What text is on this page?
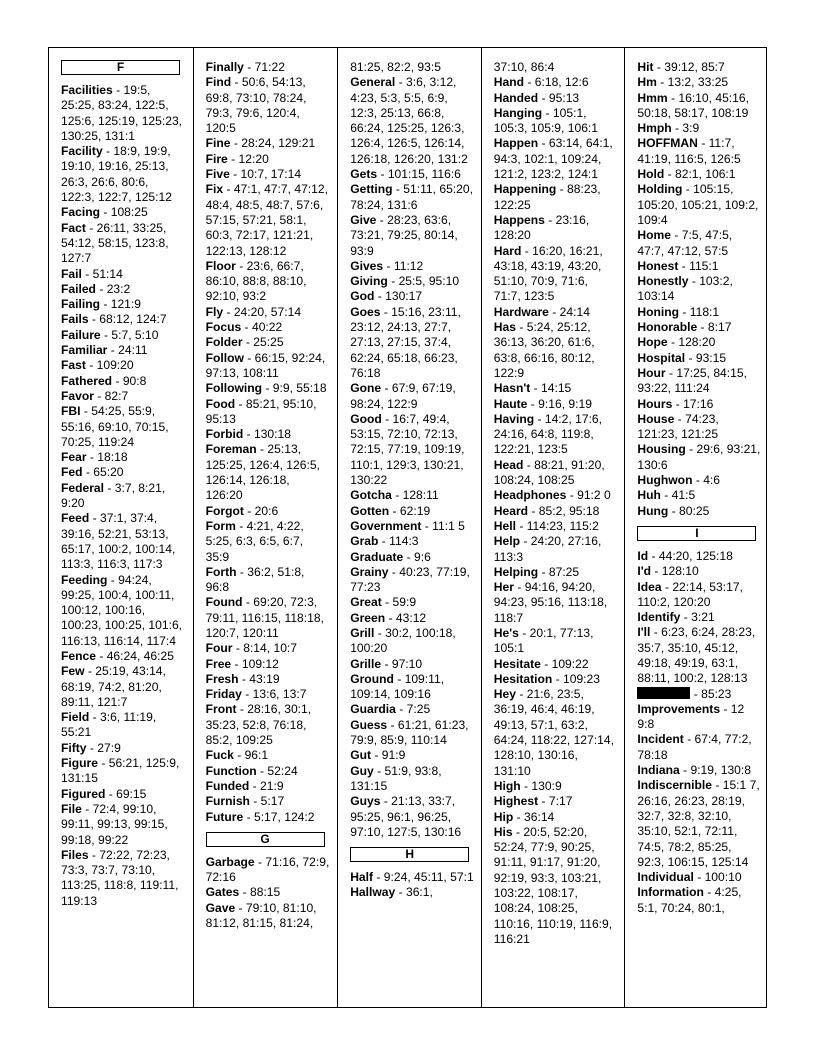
F
Facilities - 19:5, 25:25, 83:24, 122:5, 125:6, 125:19, 125:23, 130:25, 131:1
Facility - 18:9, 19:9, 19:10, 19:16, 25:13, 26:3, 26:6, 80:6, 122:3, 122:7, 125:12
Facing - 108:25
Fact - 26:11, 33:25, 54:12, 58:15, 123:8, 127:7
Fail - 51:14
Failed - 23:2
Failing - 121:9
Fails - 68:12, 124:7
Failure - 5:7, 5:10
Familiar - 24:11
Fast - 109:20
Fathered - 90:8
Favor - 82:7
FBI - 54:25, 55:9, 55:16, 69:10, 70:15, 70:25, 119:24
Fear - 18:18
Fed - 65:20
Federal - 3:7, 8:21, 9:20
Feed - 37:1, 37:4, 39:16, 52:21, 53:13, 65:17, 100:2, 100:14, 113:3, 116:3, 117:3
Feeding - 94:24, 99:25, 100:4, 100:11, 100:12, 100:16, 100:23, 100:25, 101:6, 116:13, 116:14, 117:4
Fence - 46:24, 46:25
Few - 25:19, 43:14, 68:19, 74:2, 81:20, 89:11, 121:7
Field - 3:6, 11:19, 55:21
Fifty - 27:9
Figure - 56:21, 125:9, 131:15
Figured - 69:15
File - 72:4, 99:10, 99:11, 99:13, 99:15, 99:18, 99:22
Files - 72:22, 72:23, 73:3, 73:7, 73:10, 113:25, 118:8, 119:11, 119:13
Finally - 71:22
Find - 50:6, 54:13, 69:8, 73:10, 78:24, 79:3, 79:6, 120:4, 120:5
Fine - 28:24, 129:21
Fire - 12:20
Five - 10:7, 17:14
Fix - 47:1, 47:7, 47:12, 48:4, 48:5, 48:7, 57:6, 57:15, 57:21, 58:1, 60:3, 72:17, 121:21, 122:13, 128:12
Floor - 23:6, 66:7, 86:10, 88:8, 88:10, 92:10, 93:2
Fly - 24:20, 57:14
Focus - 40:22
Folder - 25:25
Follow - 66:15, 92:24, 97:13, 108:11
Following - 9:9, 55:18
Food - 85:21, 95:10, 95:13
Forbid - 130:18
Foreman - 25:13, 125:25, 126:4, 126:5, 126:14, 126:18, 126:20
Forgot - 20:6
Form - 4:21, 4:22, 5:25, 6:3, 6:5, 6:7, 35:9
Forth - 36:2, 51:8, 96:8
Found - 69:20, 72:3, 79:11, 116:15, 118:18, 120:7, 120:11
Four - 8:14, 10:7
Free - 109:12
Fresh - 43:19
Friday - 13:6, 13:7
Front - 28:16, 30:1, 35:23, 52:8, 76:18, 85:2, 109:25
Fuck - 96:1
Function - 52:24
Funded - 21:9
Furnish - 5:17
Future - 5:17, 124:2
G
Garbage - 71:16, 72:9, 72:16
Gates - 88:15
Gave - 79:10, 81:10, 81:12, 81:15, 81:24,
81:25, 82:2, 93:5
General - 3:6, 3:12, 4:23, 5:3, 5:5, 6:9, 12:3, 25:13, 66:8, 66:24, 125:25, 126:3, 126:4, 126:5, 126:14, 126:18, 126:20, 131:2
Gets - 101:15, 116:6
Getting - 51:11, 65:20, 78:24, 131:6
Give - 28:23, 63:6, 73:21, 79:25, 80:14, 93:9
Gives - 11:12
Giving - 25:5, 95:10
God - 130:17
Goes - 15:16, 23:11, 23:12, 24:13, 27:7, 27:13, 27:15, 37:4, 62:24, 65:18, 66:23, 76:18
Gone - 67:9, 67:19, 98:24, 122:9
Good - 16:7, 49:4, 53:15, 72:10, 72:13, 72:15, 77:19, 109:19, 110:1, 129:3, 130:21, 130:22
Gotcha - 128:11
Gotten - 62:19
Government - 11:1 5
Grab - 114:3
Graduate - 9:6
Grainy - 40:23, 77:19, 77:23
Great - 59:9
Green - 43:12
Grill - 30:2, 100:18, 100:20
Grille - 97:10
Ground - 109:11, 109:14, 109:16
Guardia - 7:25
Guess - 61:21, 61:23, 79:9, 85:9, 110:14
Gut - 91:9
Guy - 51:9, 93:8, 131:15
Guys - 21:13, 33:7, 95:25, 96:1, 96:25, 97:10, 127:5, 130:16
H
Half - 9:24, 45:11, 57:1
Hallway - 36:1,
37:10, 86:4
Hand - 6:18, 12:6
Handed - 95:13
Hanging - 105:1, 105:3, 105:9, 106:1
Happen - 63:14, 64:1, 94:3, 102:1, 109:24, 121:2, 123:2, 124:1
Happening - 88:23, 122:25
Happens - 23:16, 128:20
Hard - 16:20, 16:21, 43:18, 43:19, 43:20, 51:10, 70:9, 71:6, 71:7, 123:5
Hardware - 24:14
Has - 5:24, 25:12, 36:13, 36:20, 61:6, 63:8, 66:16, 80:12, 122:9
Hasn't - 14:15
Haute - 9:16, 9:19
Having - 14:2, 17:6, 24:16, 64:8, 119:8, 122:21, 123:5
Head - 88:21, 91:20, 108:24, 108:25
Headphones - 91:2 0
Heard - 85:2, 95:18
Hell - 114:23, 115:2
Help - 24:20, 27:16, 113:3
Helping - 87:25
Her - 94:16, 94:20, 94:23, 95:16, 113:18, 118:7
He's - 20:1, 77:13, 105:1
Hesitate - 109:22
Hesitation - 109:23
Hey - 21:6, 23:5, 36:19, 46:4, 46:19, 49:13, 57:1, 63:2, 64:24, 118:22, 127:14, 128:10, 130:16, 131:10
High - 130:9
Highest - 7:17
Hip - 36:14
His - 20:5, 52:20, 52:24, 77:9, 90:25, 91:11, 91:17, 91:20, 92:19, 93:3, 103:21, 103:22, 108:17, 108:24, 108:25, 110:16, 110:19, 116:9, 116:21
Hit - 39:12, 85:7
Hm - 13:2, 33:25
Hmm - 16:10, 45:16, 50:18, 58:17, 108:19
Hmph - 3:9
HOFFMAN - 11:7, 41:19, 116:5, 126:5
Hold - 82:1, 106:1
Holding - 105:15, 105:20, 105:21, 109:2, 109:4
Home - 7:5, 47:5, 47:7, 47:12, 57:5
Honest - 115:1
Honestly - 103:2, 103:14
Honing - 118:1
Honorable - 8:17
Hope - 128:20
Hospital - 93:15
Hour - 17:25, 84:15, 93:22, 111:24
Hours - 17:16
House - 74:23, 121:23, 121:25
Housing - 29:6, 93:21, 130:6
Hughwon - 4:6
Huh - 41:5
Hung - 80:25
I
Id - 44:20, 125:18
I'd - 128:10
Idea - 22:14, 53:17, 110:2, 120:20
Identify - 3:21
I'll - 6:23, 6:24, 28:23, 35:7, 35:10, 45:12, 49:18, 49:19, 63:1, 88:11, 100:2, 128:13
- 85:23
Improvements - 12 9:8
Incident - 67:4, 77:2, 78:18
Indiana - 9:19, 130:8
Indiscernible - 15:1 7, 26:16, 26:23, 28:19, 32:7, 32:8, 32:10, 35:10, 52:1, 72:11, 74:5, 78:2, 85:25, 92:3, 106:15, 125:14
Individual - 100:10
Information - 4:25, 5:1, 70:24, 80:1,
